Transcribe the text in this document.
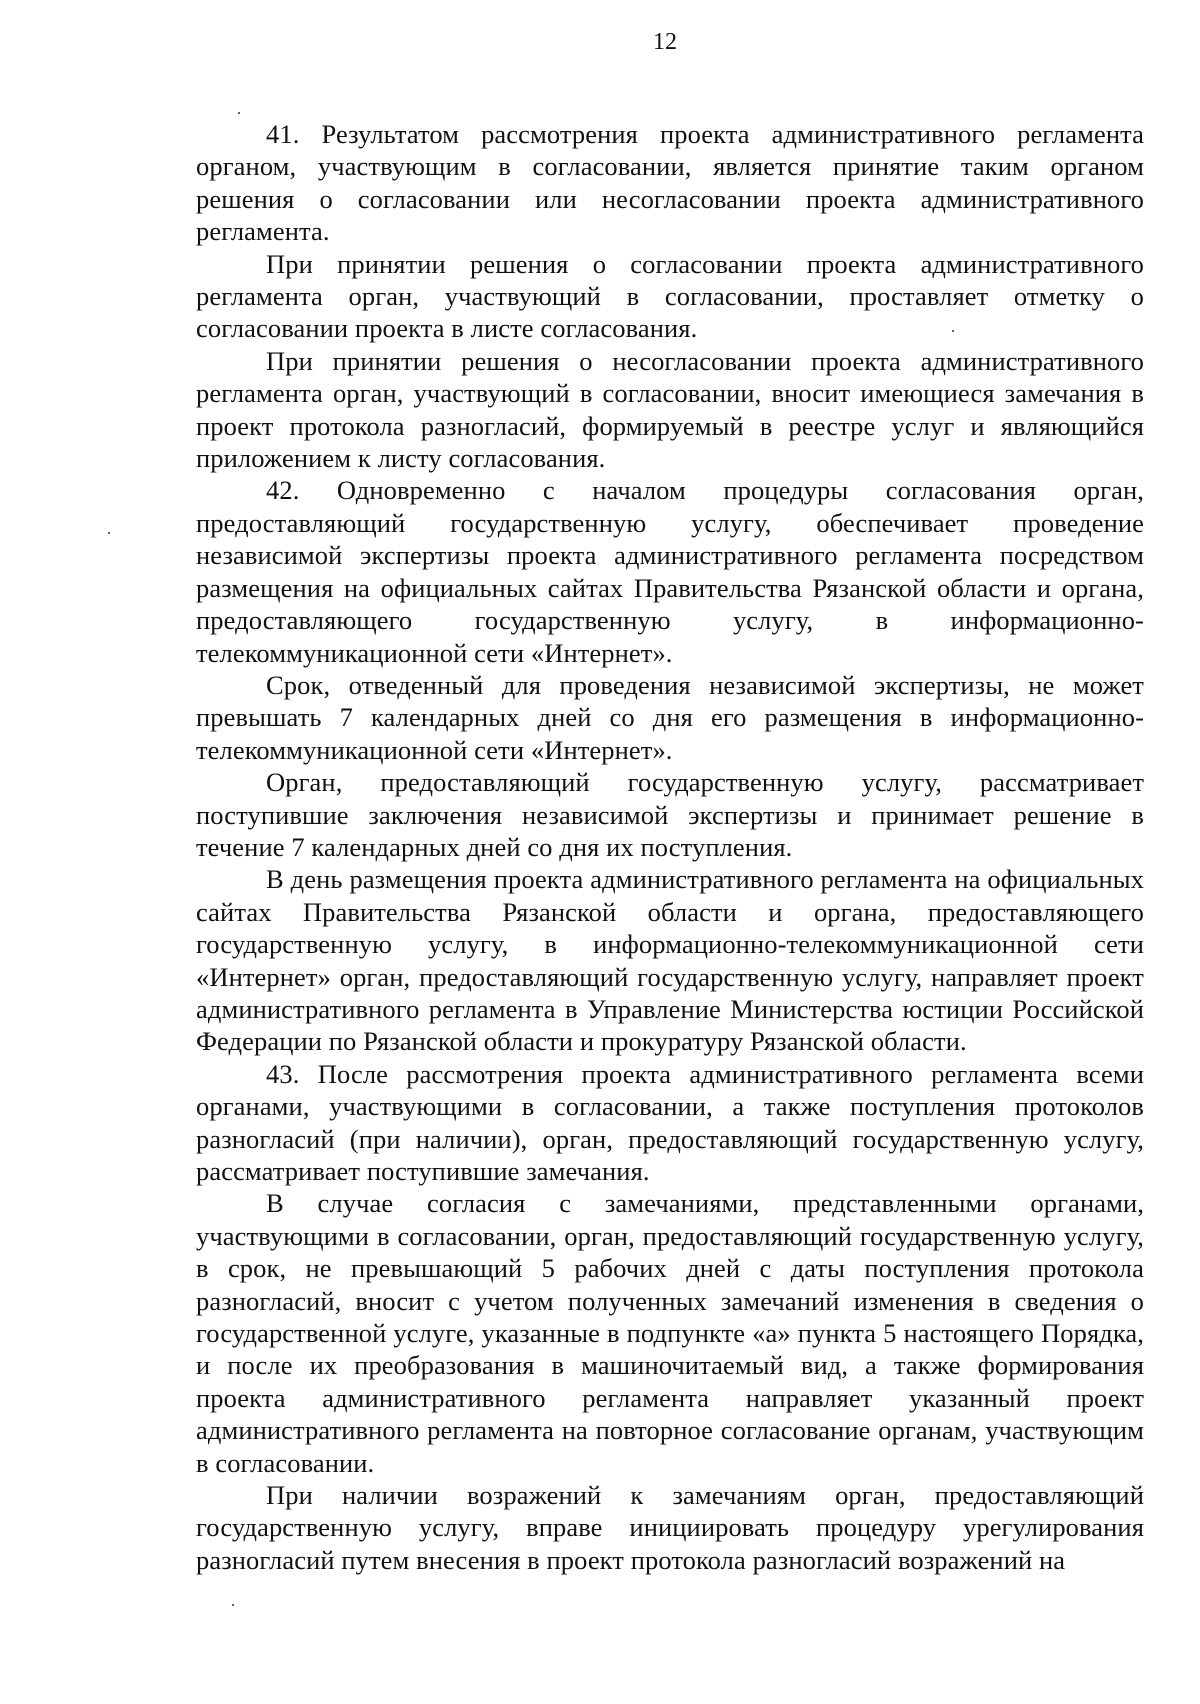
12

41. Результатом рассмотрения проекта административного регламента органом, участвующим в согласовании, является принятие таким органом решения о согласовании или несогласовании проекта административного регламента.

При принятии решения о согласовании проекта административного регламента орган, участвующий в согласовании, проставляет отметку о согласовании проекта в листе согласования.

При принятии решения о несогласовании проекта административного регламента орган, участвующий в согласовании, вносит имеющиеся замечания в проект протокола разногласий, формируемый в реестре услуг и являющийся приложением к листу согласования.

42. Одновременно с началом процедуры согласования орган, предоставляющий государственную услугу, обеспечивает проведение независимой экспертизы проекта административного регламента посредством размещения на официальных сайтах Правительства Рязанской области и органа, предоставляющего государственную услугу, в информационно-телекоммуникационной сети «Интернет».

Срок, отведенный для проведения независимой экспертизы, не может превышать 7 календарных дней со дня его размещения в информационно-телекоммуникационной сети «Интернет».

Орган, предоставляющий государственную услугу, рассматривает поступившие заключения независимой экспертизы и принимает решение в течение 7 календарных дней со дня их поступления.

В день размещения проекта административного регламента на официальных сайтах Правительства Рязанской области и органа, предоставляющего государственную услугу, в информационно-телекоммуникационной сети «Интернет» орган, предоставляющий государственную услугу, направляет проект административного регламента в Управление Министерства юстиции Российской Федерации по Рязанской области и прокуратуру Рязанской области.

43. После рассмотрения проекта административного регламента всеми органами, участвующими в согласовании, а также поступления протоколов разногласий (при наличии), орган, предоставляющий государственную услугу, рассматривает поступившие замечания.

В случае согласия с замечаниями, представленными органами, участвующими в согласовании, орган, предоставляющий государственную услугу, в срок, не превышающий 5 рабочих дней с даты поступления протокола разногласий, вносит с учетом полученных замечаний изменения в сведения о государственной услуге, указанные в подпункте «а» пункта 5 настоящего Порядка, и после их преобразования в машиночитаемый вид, а также формирования проекта административного регламента направляет указанный проект административного регламента на повторное согласование органам, участвующим в согласовании.

При наличии возражений к замечаниям орган, предоставляющий государственную услугу, вправе инициировать процедуру урегулирования разногласий путем внесения в проект протокола разногласий возражений на
